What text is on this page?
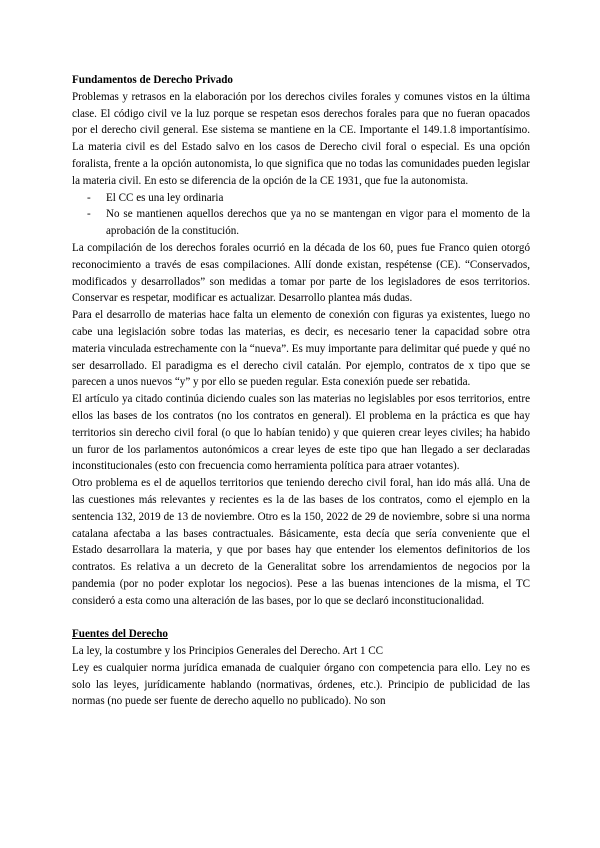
Fundamentos de Derecho Privado

Problemas y retrasos en la elaboración por los derechos civiles forales y comunes vistos en la última clase. El código civil ve la luz porque se respetan esos derechos forales para que no fueran opacados por el derecho civil general. Ese sistema se mantiene en la CE. Importante el 149.1.8 importantísimo. La materia civil es del Estado salvo en los casos de Derecho civil foral o especial. Es una opción foralista, frente a la opción autonomista, lo que significa que no todas las comunidades pueden legislar la materia civil. En esto se diferencia de la opción de la CE 1931, que fue la autonomista.

- El CC es una ley ordinaria
- No se mantienen aquellos derechos que ya no se mantengan en vigor para el momento de la aprobación de la constitución.

La compilación de los derechos forales ocurrió en la década de los 60, pues fue Franco quien otorgó reconocimiento a través de esas compilaciones. Allí donde existan, respétense (CE). “Conservados, modificados y desarrollados” son medidas a tomar por parte de los legisladores de esos territorios. Conservar es respetar, modificar es actualizar. Desarrollo plantea más dudas.

Para el desarrollo de materias hace falta un elemento de conexión con figuras ya existentes, luego no cabe una legislación sobre todas las materias, es decir, es necesario tener la capacidad sobre otra materia vinculada estrechamente con la “nueva”. Es muy importante para delimitar qué puede y qué no ser desarrollado. El paradigma es el derecho civil catalán. Por ejemplo, contratos de x tipo que se parecen a unos nuevos “y” y por ello se pueden regular. Esta conexión puede ser rebatida.

El artículo ya citado continúa diciendo cuales son las materias no legislables por esos territorios, entre ellos las bases de los contratos (no los contratos en general). El problema en la práctica es que hay territorios sin derecho civil foral (o que lo habían tenido) y que quieren crear leyes civiles; ha habido un furor de los parlamentos autonómicos a crear leyes de este tipo que han llegado a ser declaradas inconstitucionales (esto con frecuencia como herramienta política para atraer votantes).

Otro problema es el de aquellos territorios que teniendo derecho civil foral, han ido más allá. Una de las cuestiones más relevantes y recientes es la de las bases de los contratos, como el ejemplo en la sentencia 132, 2019 de 13 de noviembre. Otro es la 150, 2022 de 29 de noviembre, sobre si una norma catalana afectaba a las bases contractuales. Básicamente, esta decía que sería conveniente que el Estado desarrollara la materia, y que por bases hay que entender los elementos definitorios de los contratos. Es relativa a un decreto de la Generalitat sobre los arrendamientos de negocios por la pandemia (por no poder explotar los negocios). Pese a las buenas intenciones de la misma, el TC consideró a esta como una alteración de las bases, por lo que se declaró inconstitucionalidad.

Fuentes del Derecho

La ley, la costumbre y los Principios Generales del Derecho. Art 1 CC

Ley es cualquier norma jurídica emanada de cualquier órgano con competencia para ello. Ley no es solo las leyes, jurídicamente hablando (normativas, órdenes, etc.). Principio de publicidad de las normas (no puede ser fuente de derecho aquello no publicado). No son
